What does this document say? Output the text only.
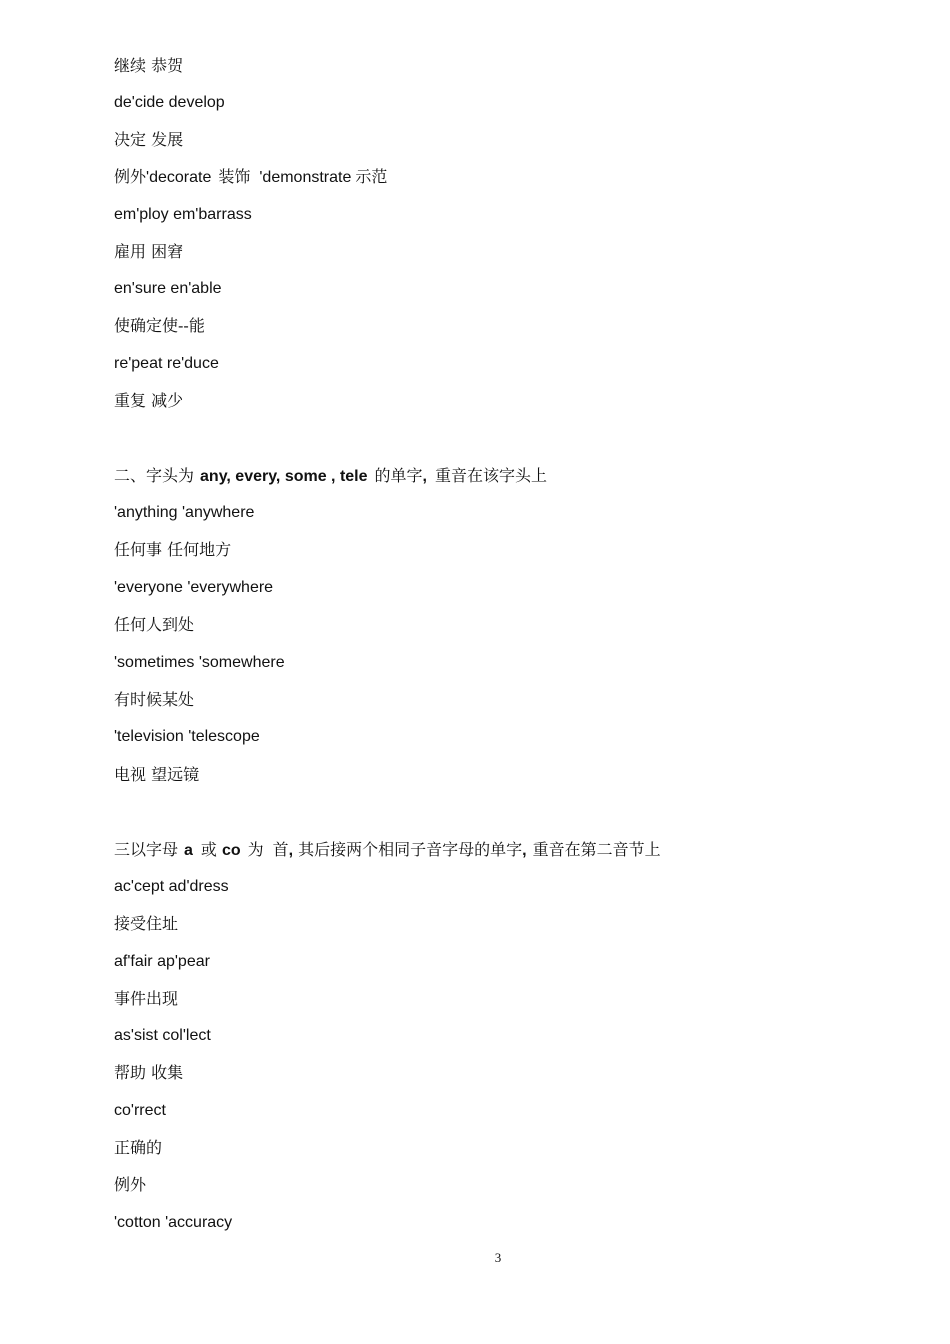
继续 恭贺
de'cide develop
决定 发展
例外'decorate 装饰 'demonstrate 示范
em'ploy em'barrass
雇用 困窘
en'sure en'able
使确定使--能
re'peat re'duce
重复 减少
二、字头为 any, every, some , tele 的单字, 重音在该字头上
'anything 'anywhere
任何事 任何地方
'everyone 'everywhere
任何人到处
'sometimes 'somewhere
有时候某处
'television 'telescope
电视 望远镜
三以字母 a 或 co 为 首, 其后接两个相同子音字母的单字, 重音在第二音节上
ac'cept ad'dress
接受住址
af'fair ap'pear
事件出现
as'sist col'lect
帮助 收集
co'rrect
正确的
例外
'cotton 'accuracy
3
